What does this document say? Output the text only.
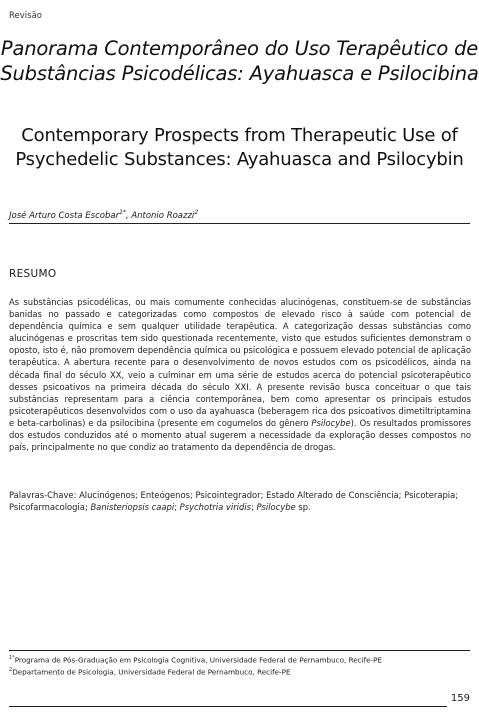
Revisão
Panorama Contemporâneo do Uso Terapêutico de
Substâncias Psicodélicas: Ayahuasca e Psilocibina
Contemporary Prospects from Therapeutic Use of
Psychedelic Substances: Ayahuasca and Psilocybin
José Arturo Costa Escobar$^{1*}$, Antonio Roazzi$^2$
RESUMO
As substâncias psicodélicas, ou mais comumente conhecidas alucinógenas, constituem-se de substâncias banidas no passado e categorizadas como compostos de elevado risco à saúde com potencial de dependência química e sem qualquer utilidade terapêutica. A categorização dessas substâncias como alucinógenas e proscritas tem sido questionada recentemente, visto que estudos suficientes demonstram o oposto, isto é, não promovem dependência química ou psicológica e possuem elevado potencial de aplicação terapêutica. A abertura recente para o desenvolvimento de novos estudos com os psicodélicos, ainda na década final do século XX, veio a culminar em uma série de estudos acerca do potencial psicoterapêutico desses psicoativos na primeira década do século XXI. A presente revisão busca conceituar o que tais substâncias representam para a ciência contemporânea, bem como apresentar os principais estudos psicoterapêuticos desenvolvidos com o uso da ayahuasca (beberagem rica dos psicoativos dimetiltriptamina e beta-carbolinas) e da psilocibina (presente em cogumelos do gênero Psilocybe). Os resultados promissores dos estudos conduzidos até o momento atual sugerem a necessidade da exploração desses compostos no país, principalmente no que condiz ao tratamento da dependência de drogas.
Palavras-Chave: Alucinógenos; Enteógenos; Psicointegrador; Estado Alterado de Consciência; Psicoterapia; Psicofarmacologia; Banisteriopsis caapi; Psychotria viridis; Psilocybe sp.
$^{1*}$Programa de Pós-Graduação em Psicologia Cognitiva, Universidade Federal de Pernambuco, Recife-PE
$^2$Departamento de Psicologia, Universidade Federal de Pernambuco, Recife-PE
159
